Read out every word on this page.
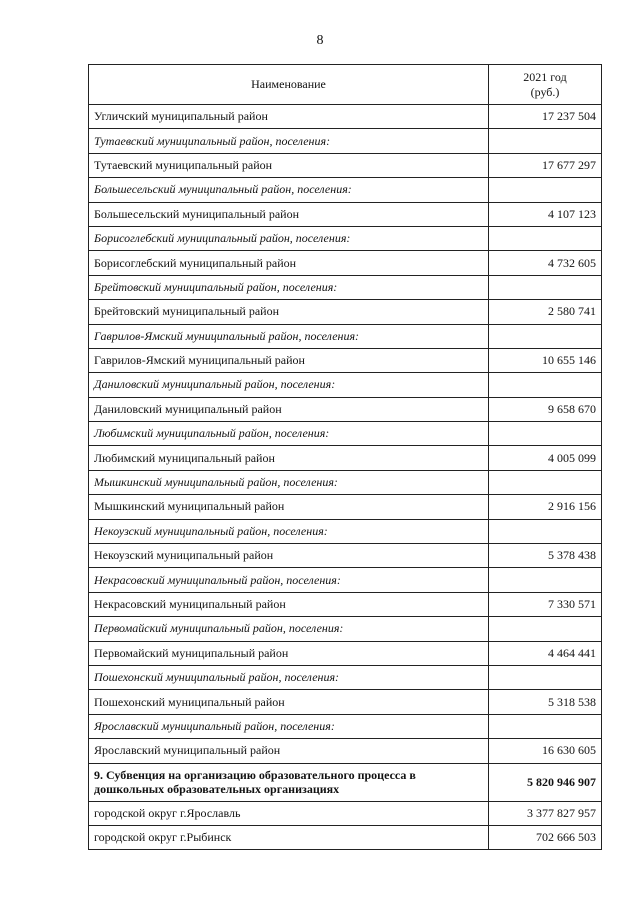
8
Наименование	2021 год
(руб.)
Угличский муниципальный район	17 237 504
Тутаевский муниципальный район, поселения:	
Тутаевский муниципальный район	17 677 297
Большесельский муниципальный район, поселения:	
Большесельский муниципальный район	4 107 123
Борисоглебский муниципальный район, поселения:	
Борисоглебский муниципальный район	4 732 605
Брейтовский муниципальный район, поселения:	
Брейтовский муниципальный район	2 580 741
Гаврилов-Ямский муниципальный район, поселения:	
Гаврилов-Ямский муниципальный район	10 655 146
Даниловский муниципальный район, поселения:	
Даниловский муниципальный район	9 658 670
Любимский муниципальный район, поселения:	
Любимский муниципальный район	4 005 099
Мышкинский муниципальный район, поселения:	
Мышкинский муниципальный район	2 916 156
Некоузский муниципальный район, поселения:	
Некоузский муниципальный район	5 378 438
Некрасовский муниципальный район, поселения:	
Некрасовский муниципальный район	7 330 571
Первомайский муниципальный район, поселения:	
Первомайский муниципальный район	4 464 441
Пошехонский муниципальный район, поселения:	
Пошехонский муниципальный район	5 318 538
Ярославский муниципальный район, поселения:	
Ярославский муниципальный район	16 630 605
9. Субвенция на организацию образовательного процесса в дошкольных образовательных организациях	5 820 946 907
городской округ г.Ярославль	3 377 827 957
городской округ г.Рыбинск	702 666 503
